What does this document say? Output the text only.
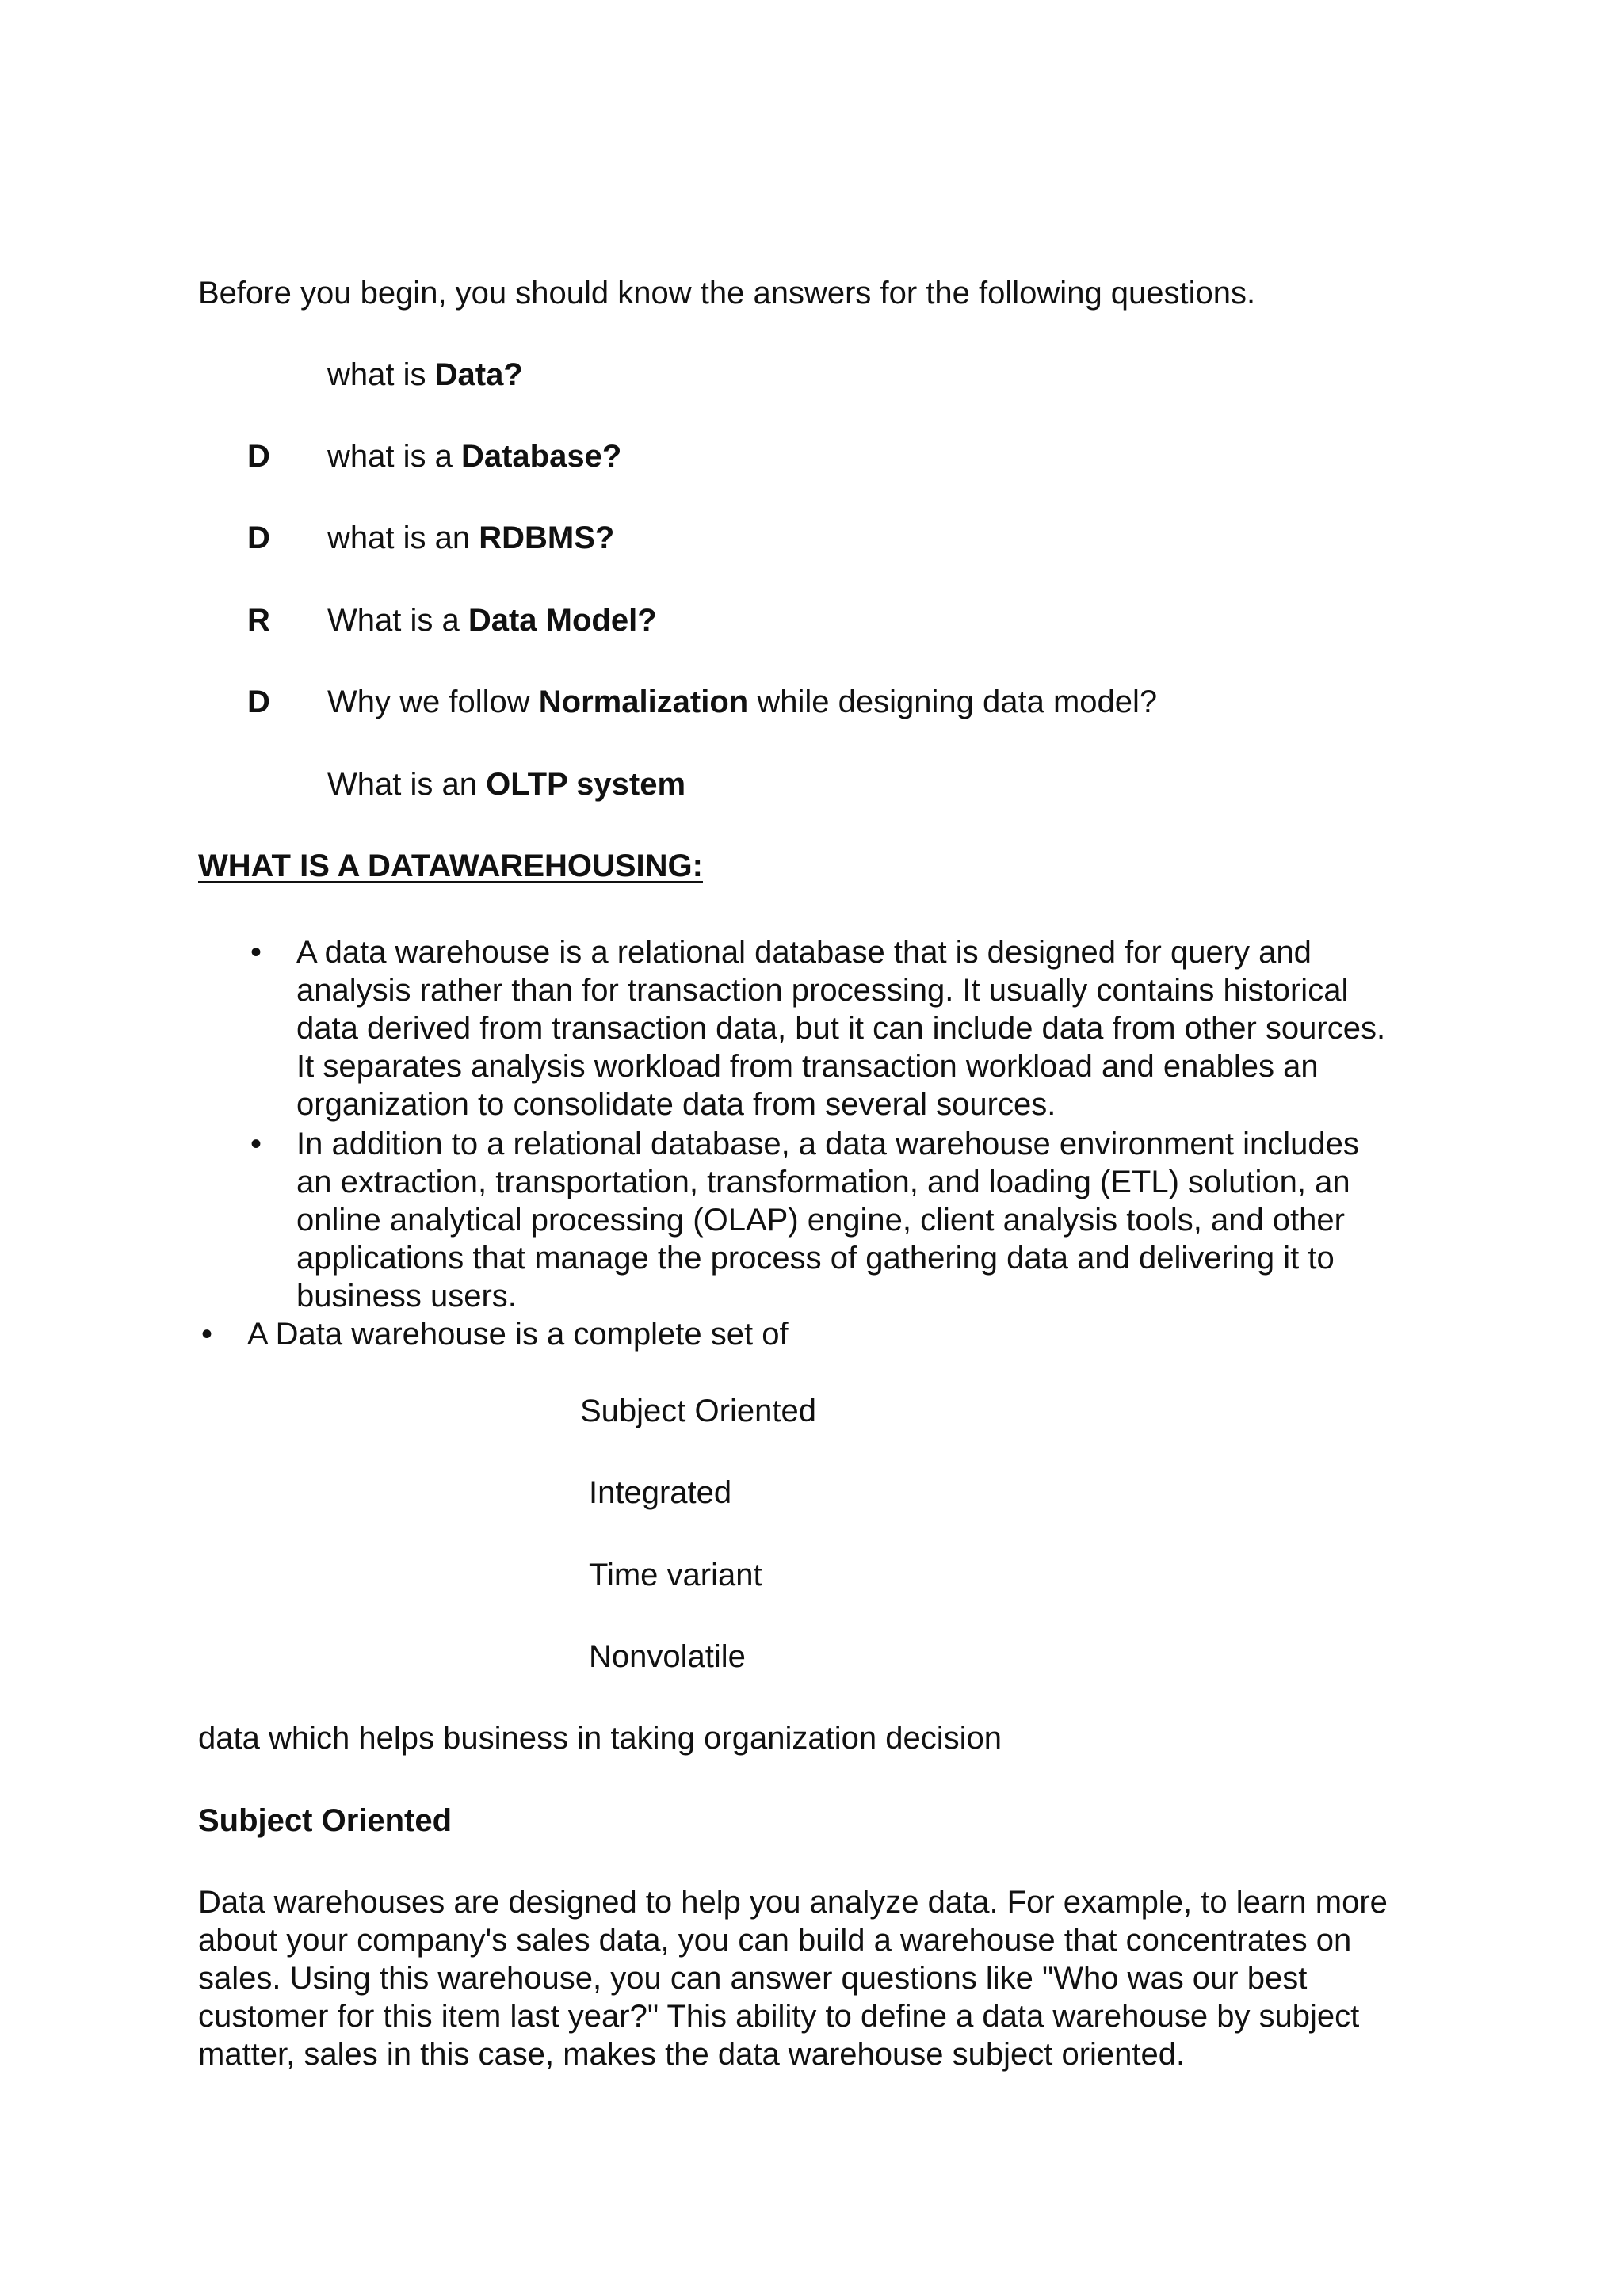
Before you begin, you should know the answers for the following questions.
what is Data?
D what is a Database?
D what is an RDBMS?
R What is a Data Model?
D Why we follow Normalization while designing data model?
What is an OLTP system
WHAT IS A DATAWAREHOUSING:
• A data warehouse is a relational database that is designed for query and
analysis rather than for transaction processing. It usually contains historical
data derived from transaction data, but it can include data from other sources.
It separates analysis workload from transaction workload and enables an
organization to consolidate data from several sources.
• In addition to a relational database, a data warehouse environment includes
an extraction, transportation, transformation, and loading (ETL) solution, an
online analytical processing (OLAP) engine, client analysis tools, and other
applications that manage the process of gathering data and delivering it to
business users.
• A Data warehouse is a complete set of
Subject Oriented
Integrated
Time variant
Nonvolatile
data which helps business in taking organization decision
Subject Oriented
Data warehouses are designed to help you analyze data. For example, to learn more
about your company's sales data, you can build a warehouse that concentrates on
sales. Using this warehouse, you can answer questions like "Who was our best
customer for this item last year?" This ability to define a data warehouse by subject
matter, sales in this case, makes the data warehouse subject oriented.
